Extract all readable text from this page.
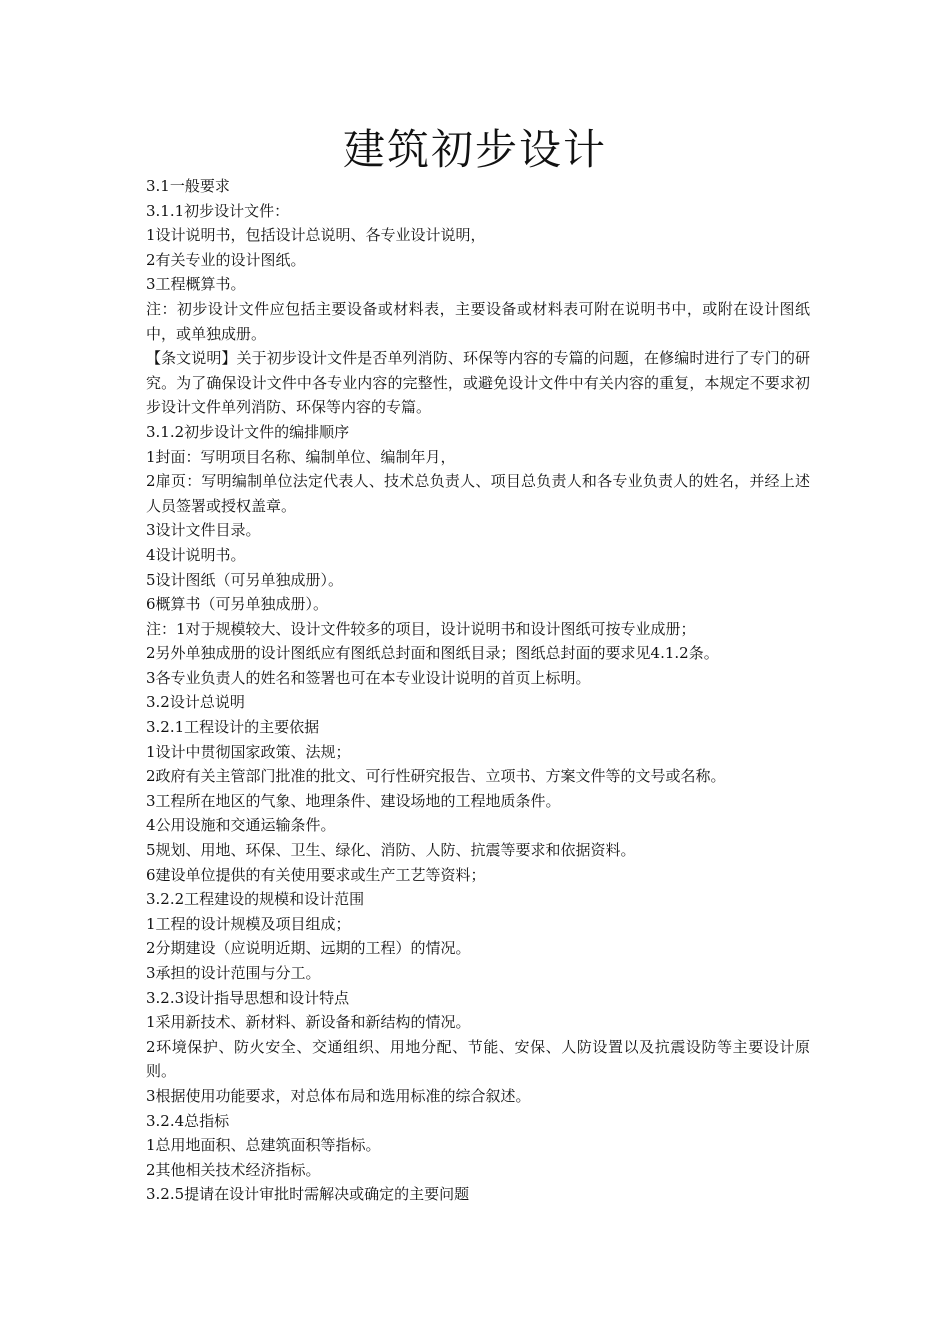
建筑初步设计

3.1一般要求

3.1.1初步设计文件：

1设计说明书，包括设计总说明、各专业设计说明，

2有关专业的设计图纸。

3工程概算书。

注：初步设计文件应包括主要设备或材料表，主要设备或材料表可附在说明书中，或附在设计图纸中，或单独成册。

【条文说明】关于初步设计文件是否单列消防、环保等内容的专篇的问题，在修编时进行了专门的研究。为了确保设计文件中各专业内容的完整性，或避免设计文件中有关内容的重复，本规定不要求初步设计文件单列消防、环保等内容的专篇。

3.1.2初步设计文件的编排顺序

1封面：写明项目名称、编制单位、编制年月，

2扉页：写明编制单位法定代表人、技术总负责人、项目总负责人和各专业负责人的姓名，并经上述人员签署或授权盖章。

3设计文件目录。

4设计说明书。

5设计图纸（可另单独成册）。

6概算书（可另单独成册）。

注：1对于规模较大、设计文件较多的项目，设计说明书和设计图纸可按专业成册；

2另外单独成册的设计图纸应有图纸总封面和图纸目录；图纸总封面的要求见4.1.2条。

3各专业负责人的姓名和签署也可在本专业设计说明的首页上标明。

3.2设计总说明

3.2.1工程设计的主要依据

1设计中贯彻国家政策、法规；

2政府有关主管部门批准的批文、可行性研究报告、立项书、方案文件等的文号或名称。

3工程所在地区的气象、地理条件、建设场地的工程地质条件。

4公用设施和交通运输条件。

5规划、用地、环保、卫生、绿化、消防、人防、抗震等要求和依据资料。

6建设单位提供的有关使用要求或生产工艺等资料；

3.2.2工程建设的规模和设计范围

1工程的设计规模及项目组成；

2分期建设（应说明近期、远期的工程）的情况。

3承担的设计范围与分工。

3.2.3设计指导思想和设计特点

1采用新技术、新材料、新设备和新结构的情况。

2环境保护、防火安全、交通组织、用地分配、节能、安保、人防设置以及抗震设防等主要设计原则。

3根据使用功能要求，对总体布局和选用标准的综合叙述。

3.2.4总指标

1总用地面积、总建筑面积等指标。

2其他相关技术经济指标。

3.2.5提请在设计审批时需解决或确定的主要问题
